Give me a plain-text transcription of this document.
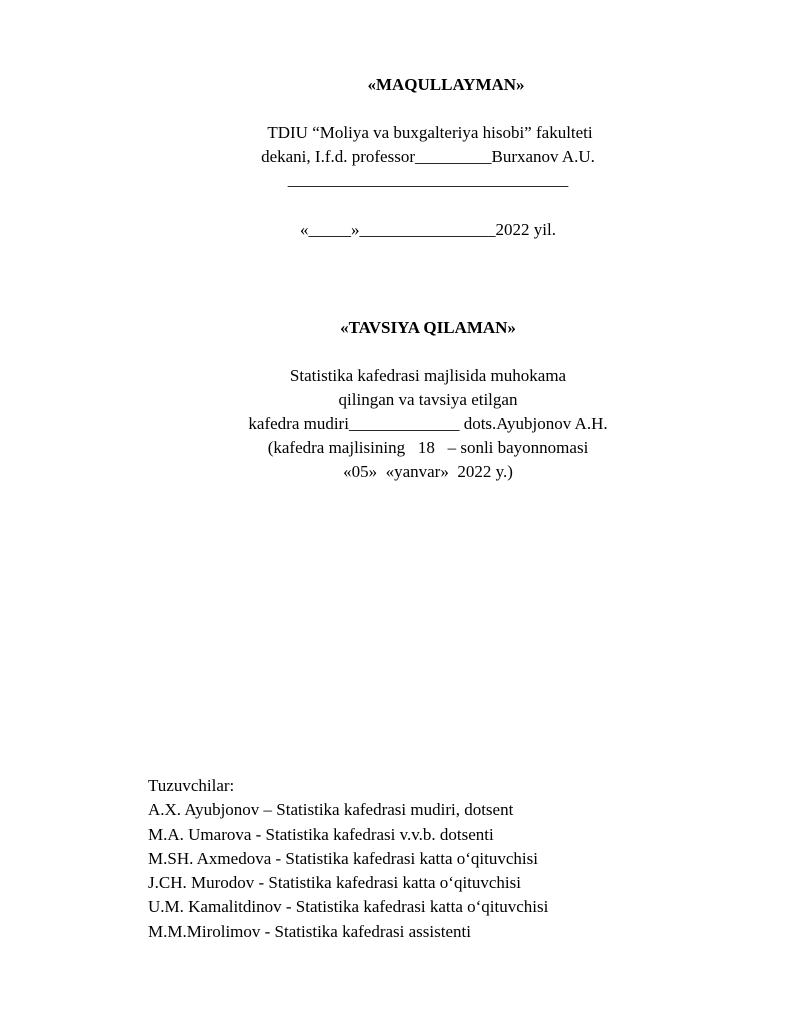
«MAQULLAYMAN»
TDIU “Moliya va buxgalteriya hisobi” fakulteti
dekani, I.f.d. professor_________Burxanov A.U.
_________________________________
«_____»________________2022 yil.
«TAVSIYA QILAMAN»
Statistika kafedrasi majlisida muhokama
qilingan va tavsiya etilgan
kafedra mudiri_____________ dots.Ayubjonov A.H.
(kafedra majlisining   18   – sonli bayonnomasi
«05»  «yanvar»  2022 y.)
Tuzuvchilar:
A.X. Ayubjonov – Statistika kafedrasi mudiri, dotsent
M.A. Umarova - Statistika kafedrasi v.v.b. dotsenti
M.SH. Axmedova - Statistika kafedrasi katta oʻqituvchisi
J.CH. Murodov - Statistika kafedrasi katta oʻqituvchisi
U.M. Kamalitdinov - Statistika kafedrasi katta oʻqituvchisi
M.M.Mirolimov - Statistika kafedrasi assistenti
